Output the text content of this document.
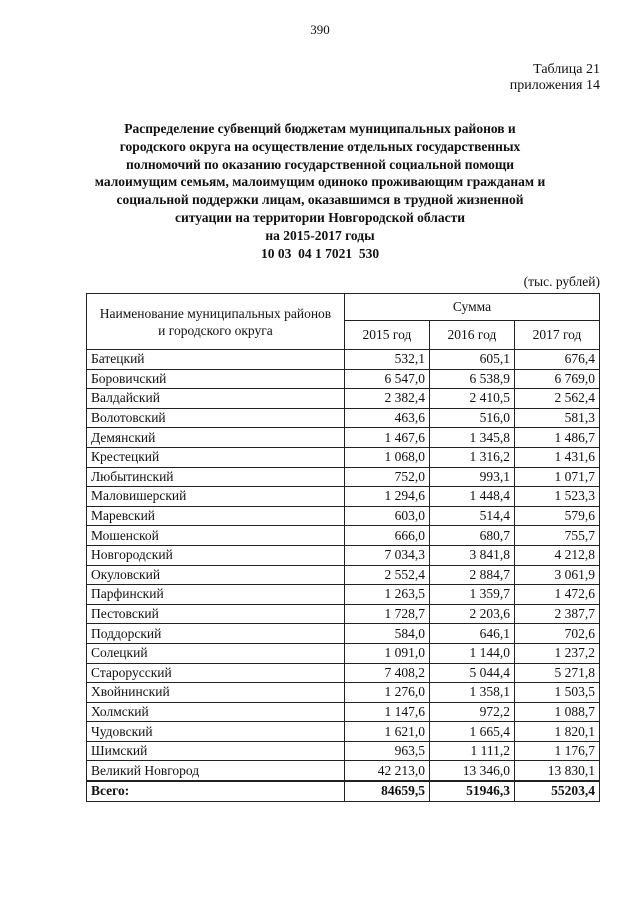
390
Таблица 21
приложения 14
Распределение субвенций бюджетам муниципальных районов и
городского округа на осуществление отдельных государственных
полномочий по оказанию государственной социальной помощи
малоимущим семьям, малоимущим одиноко проживающим гражданам и
социальной поддержки лицам, оказавшимся в трудной жизненной
ситуации на территории Новгородской области
на 2015-2017 годы
10 03  04 1 7021  530
(тыс. рублей)
Наименование муниципальных районов
и городского округа	Сумма		
	2015 год	2016 год	2017 год
Батецкий	532,1	605,1	676,4
Боровичский	6 547,0	6 538,9	6 769,0
Валдайский	2 382,4	2 410,5	2 562,4
Волотовский	463,6	516,0	581,3
Демянский	1 467,6	1 345,8	1 486,7
Крестецкий	1 068,0	1 316,2	1 431,6
Любытинский	752,0	993,1	1 071,7
Маловишерский	1 294,6	1 448,4	1 523,3
Маревский	603,0	514,4	579,6
Мошенской	666,0	680,7	755,7
Новгородский	7 034,3	3 841,8	4 212,8
Окуловский	2 552,4	2 884,7	3 061,9
Парфинский	1 263,5	1 359,7	1 472,6
Пестовский	1 728,7	2 203,6	2 387,7
Поддорский	584,0	646,1	702,6
Солецкий	1 091,0	1 144,0	1 237,2
Старорусский	7 408,2	5 044,4	5 271,8
Хвойнинский	1 276,0	1 358,1	1 503,5
Холмский	1 147,6	972,2	1 088,7
Чудовский	1 621,0	1 665,4	1 820,1
Шимский	963,5	1 111,2	1 176,7
Великий Новгород	42 213,0	13 346,0	13 830,1
Всего:	84659,5	51946,3	55203,4
